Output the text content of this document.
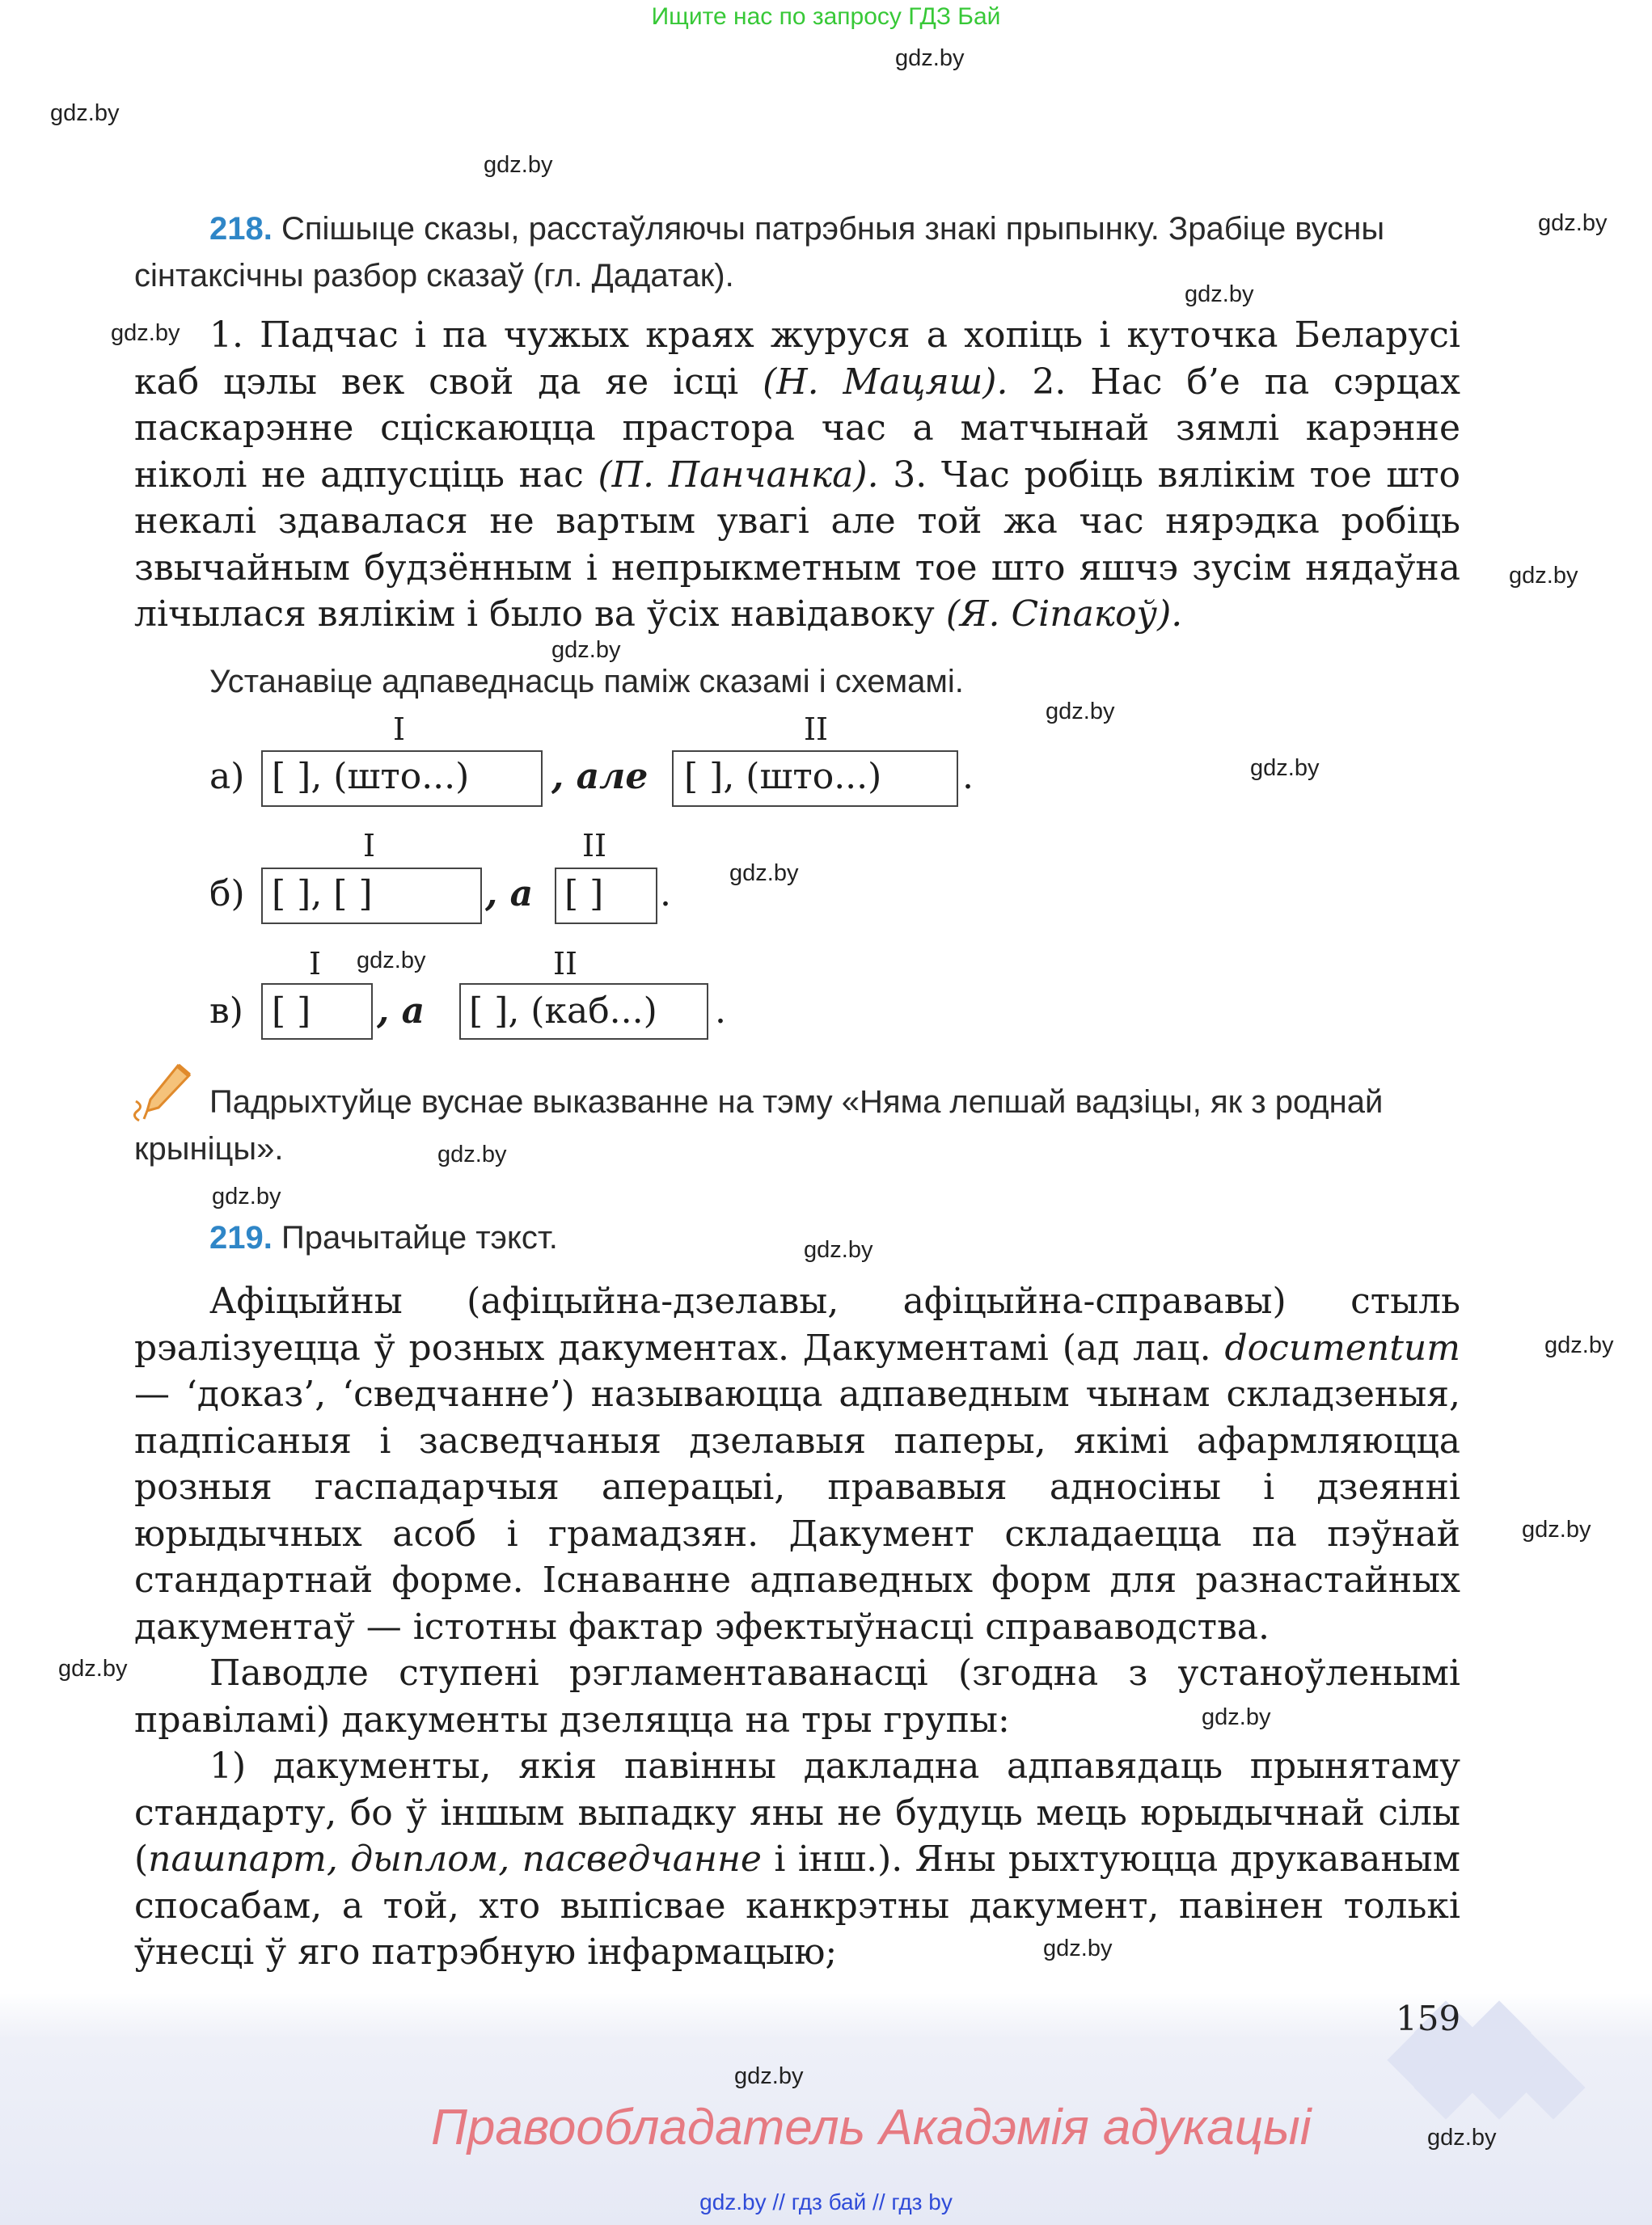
Ищите нас по запросу ГДЗ Бай
gdz.by
gdz.by
gdz.by
gdz.by
gdz.by
gdz.by
gdz.by
gdz.by
gdz.by
gdz.by
gdz.by
gdz.by
gdz.by
gdz.by
gdz.by
gdz.by
gdz.by
gdz.by
gdz.by
gdz.by
218. Спішыце сказы, расстаўляючы патрэбныя знакі прыпынку. Зрабіце вусны сінтаксічны разбор сказаў (гл. Дадатак).
1. Падчас і па чужых краях журуся а хопіць і куточка Беларусі каб цэлы век свой да яе ісці (Н. Мацяш). 2. Нас б’е па сэрцах паскарэнне сціскаюцца прастора час а матчынай зямлі карэнне ніколі не адпусціць нас (П. Панчанка). 3. Час робіць вялікім тое што некалі здавалася не вартым увагі але той жа час нярэдка робіць звычайным будзённым і непрыкметным тое што яшчэ зусім нядаўна лічылася вялікім і было ва ўсіх навідавоку (Я. Сіпакоў).
Устанавіце адпаведнасць паміж сказамі і схемамі.
I	II
а) [ ], (што...) , але [ ], (што...) .
I	II
б) [ ], [ ]	, а [ ] .
I	II
в) [ ] , а [ ], (каб...) .
Падрыхтуйце вуснае выказванне на тэму «Няма лепшай вадзіцы, як з роднай крыніцы».
219. Прачытайце тэкст.

Афіцыйны (афіцыйна-дзелавы, афіцыйна-справавы) стыль рэалізуецца ў розных дакументах. Дакументамі (ад лац. documentum — ‘доказ’, ‘сведчанне’) называюцца адпаведным чынам складзеныя, падпісаныя і засведчаныя дзелавыя паперы, якімі афармляюцца розныя гаспадарчыя аперацыі, прававыя адносіны і дзеянні юрыдычных асоб і грамадзян. Дакумент складаецца па пэўнай стандартнай форме. Існаванне адпаведных форм для разнастайных дакументаў — істотны фактар эфектыўнасці справаводства.

Паводле ступені рэгламентаванасці (згодна з устаноўленымі правіламі) дакументы дзеляцца на тры групы:

1) дакументы, якія павінны дакладна адпавядаць прынятаму стандарту, бо ў іншым выпадку яны не будуць мець юрыдычнай сілы (пашпарт, дыплом, пасведчанне і інш.). Яны рыхтуюцца друкаваным спосабам, а той, хто выпісвае канкрэтны дакумент, павінен толькі ўнесці ў яго патрэбную інфармацыю;

159
gdz.by
Правообладатель Акадэмія адукацыі	gdz.by
gdz.by // гдз бай // гдз by
